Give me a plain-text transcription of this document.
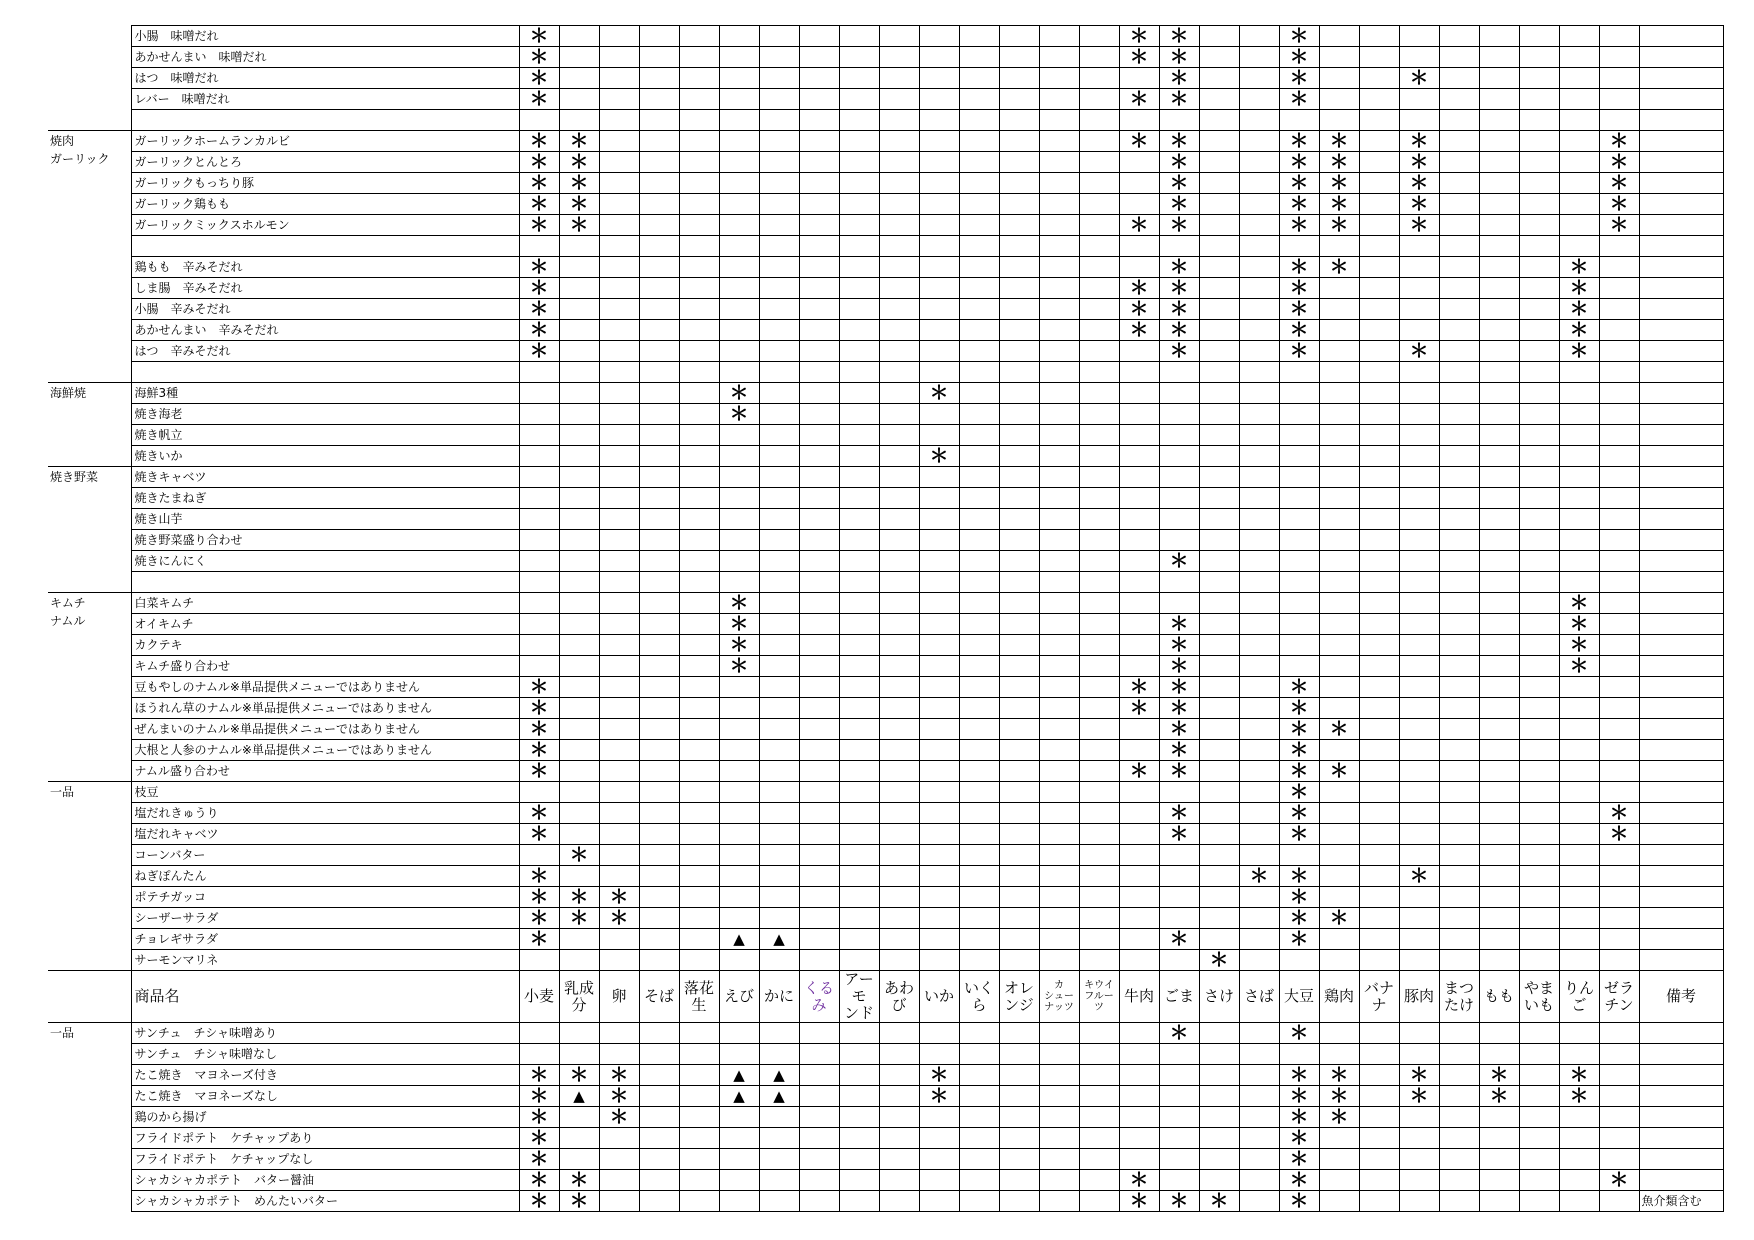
	小腸　味噌だれ	＊															＊	＊			＊									
	あかせんまい　味噌だれ	＊															＊	＊			＊									
	はつ　味噌だれ	＊																＊			＊			＊						
	レバー　味噌だれ	＊															＊	＊			＊									

焼肉
ガーリック	ガーリックホームランカルビ	＊	＊														＊	＊			＊	＊		＊					＊	
	ガーリックとんとろ	＊	＊															＊			＊	＊		＊					＊	
	ガーリックもっちり豚	＊	＊															＊			＊	＊		＊					＊	
	ガーリック鶏もも	＊	＊															＊			＊	＊		＊					＊	
	ガーリックミックスホルモン	＊	＊														＊	＊			＊	＊		＊					＊	

	鶏もも　辛みそだれ	＊																＊			＊	＊						＊		
	しま腸　辛みそだれ	＊															＊	＊			＊							＊		
	小腸　辛みそだれ	＊															＊	＊			＊							＊		
	あかせんまい　辛みそだれ	＊															＊	＊			＊							＊		
	はつ　辛みそだれ	＊																＊			＊			＊				＊		

海鮮焼	海鮮3種						＊					＊																		
	焼き海老						＊																							
	焼き帆立																													
	焼きいか											＊																		
焼き野菜	焼きキャベツ																													
	焼きたまねぎ																													
	焼き山芋																													
	焼き野菜盛り合わせ																													
	焼きにんにく																	＊												

キムチ
ナムル	白菜キムチ						＊																					＊		
	オイキムチ						＊											＊										＊		
	カクテキ						＊											＊										＊		
	キムチ盛り合わせ						＊											＊										＊		
	豆もやしのナムル※単品提供メニューではありません	＊															＊	＊			＊									
	ほうれん草のナムル※単品提供メニューではありません	＊															＊	＊			＊									
	ぜんまいのナムル※単品提供メニューではありません	＊																＊			＊	＊								
	大根と人参のナムル※単品提供メニューではありません	＊																＊			＊									
	ナムル盛り合わせ	＊															＊	＊			＊	＊								
一品	枝豆																				＊									
	塩だれきゅうり	＊																＊			＊								＊	
	塩だれキャベツ	＊																＊			＊								＊	
	コーンバター		＊																											
	ねぎぽんたん	＊																		＊	＊			＊						
	ポテチガッコ	＊	＊	＊																	＊									
	シーザーサラダ	＊	＊	＊																	＊	＊								
	チョレギサラダ	＊					▲	▲										＊			＊									
	サーモンマリネ																		＊											
	商品名	小麦	乳成
分	卵	そば	落花
生	えび	かに	くる
み	アーモ
ンド	あわ
び	いか	いく
ら	オレ
ンジ	カ
シュー
ナッツ	キウイ
フルー
ツ	牛肉	ごま	さけ	さば	大豆	鶏肉	バナ
ナ	豚肉	まつ
たけ	もも	やま
いも	りん
ご	ゼラ
チン	備考
一品	サンチュ　チシャ味噌あり																	＊			＊									
	サンチュ　チシャ味噌なし																													
	たこ焼き　マヨネーズ付き	＊	＊	＊			▲	▲				＊									＊	＊		＊		＊		＊		
	たこ焼き　マヨネーズなし	＊	▲	＊			▲	▲				＊									＊	＊		＊		＊		＊		
	鶏のから揚げ	＊		＊																	＊	＊								
	フライドポテト　ケチャップあり	＊																			＊									
	フライドポテト　ケチャップなし	＊																			＊									
	シャカシャカポテト　バター醤油	＊	＊														＊				＊								＊	
	シャカシャカポテト　めんたいバター	＊	＊														＊	＊	＊		＊									魚介類含む
